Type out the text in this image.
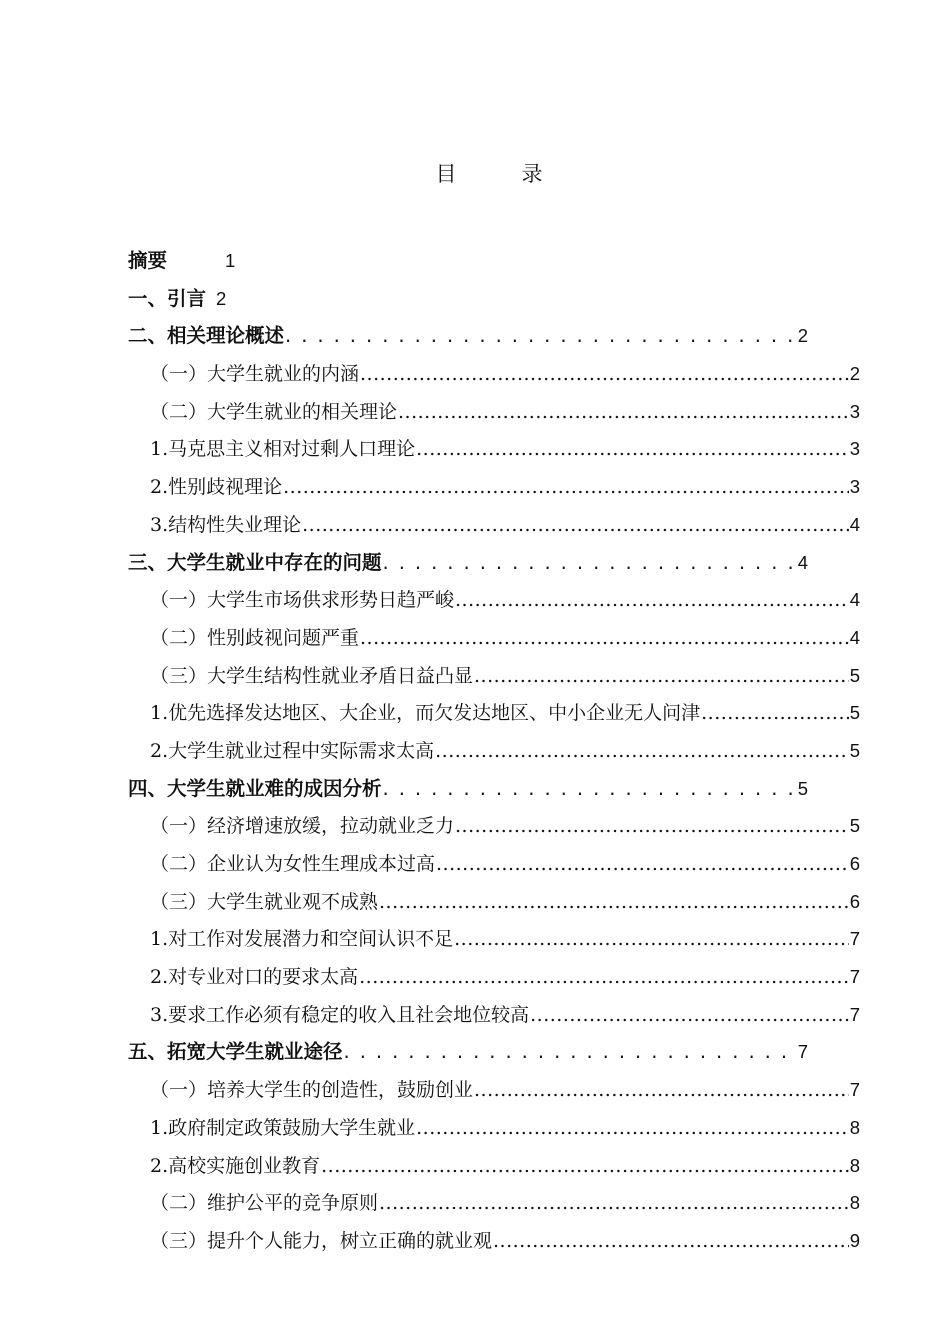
目　录
摘要	1
一、引言 2
二、相关理论概述 . . .	2
（一）大学生就业的内涵 .....	2
（二）大学生就业的相关理论 .....	3
1.马克思主义相对过剩人口理论 .....	3
2.性别歧视理论 .....	3
3.结构性失业理论 .....	4
三、大学生就业中存在的问题 . . .	4
（一）大学生市场供求形势日趋严峻 .....	4
（二）性别歧视问题严重 .....	4
（三）大学生结构性就业矛盾日益凸显 .....	5
1.优先选择发达地区、大企业，而欠发达地区、中小企业无人问津 .....	5
2.大学生就业过程中实际需求太高 .....	5
四、大学生就业难的成因分析 . . .	5
（一）经济增速放缓，拉动就业乏力 .....	5
（二）企业认为女性生理成本过高 .....	6
（三）大学生就业观不成熟 .....	6
1.对工作对发展潜力和空间认识不足 .....	7
2.对专业对口的要求太高 .....	7
3.要求工作必须有稳定的收入且社会地位较高 .....	7
五、拓宽大学生就业途径 . . .	7
（一）培养大学生的创造性，鼓励创业 .....	7
1.政府制定政策鼓励大学生就业 .....	8
2.高校实施创业教育 .....	8
（二）维护公平的竞争原则 .....	8
（三）提升个人能力，树立正确的就业观 .....	9
